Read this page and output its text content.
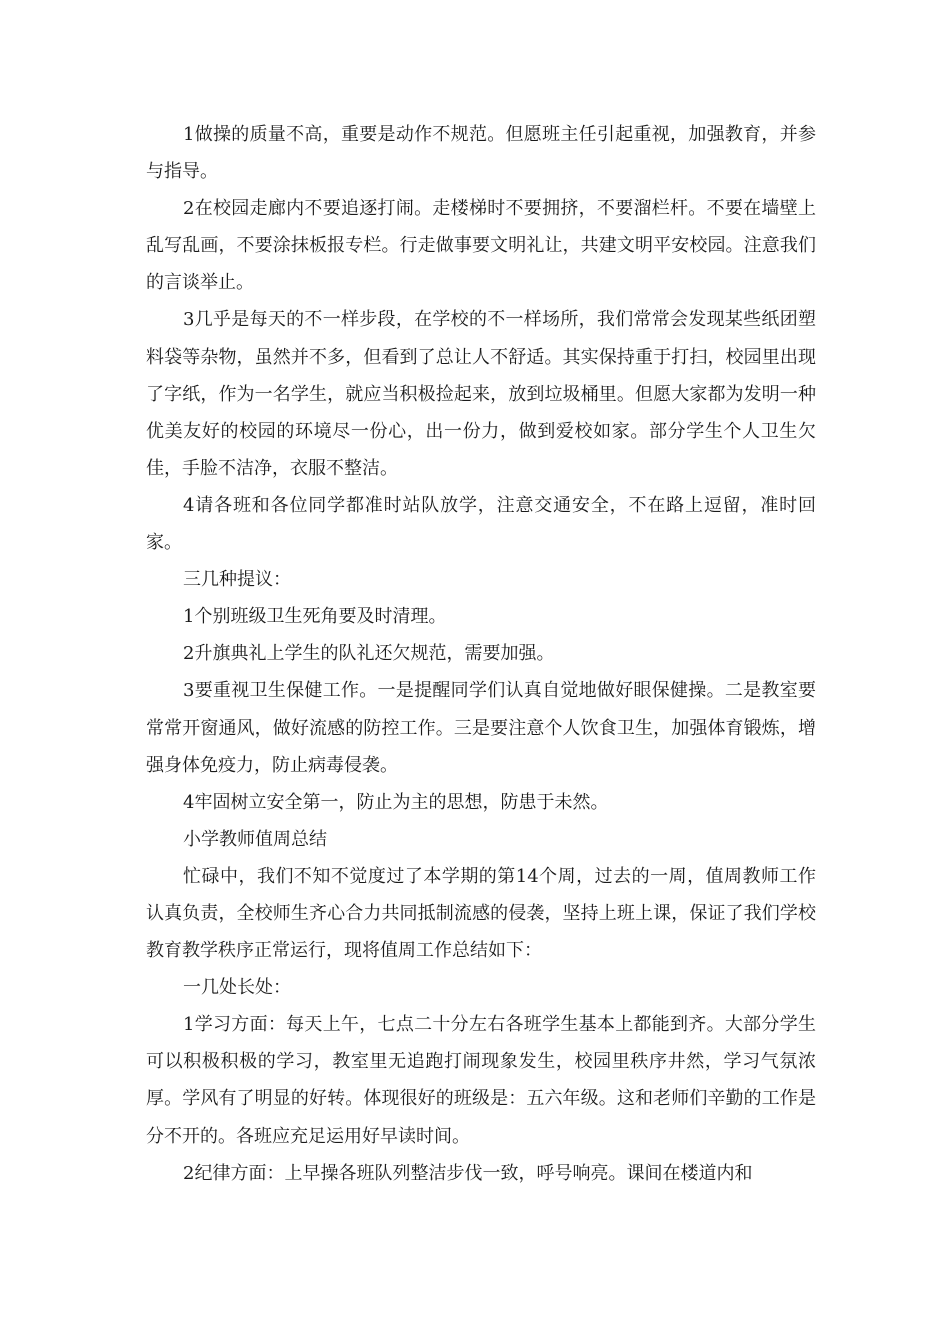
1做操的质量不高，重要是动作不规范。但愿班主任引起重视，加强教育，并参与指导。

2在校园走廊内不要追逐打闹。走楼梯时不要拥挤，不要溜栏杆。不要在墙壁上乱写乱画，不要涂抹板报专栏。行走做事要文明礼让，共建文明平安校园。注意我们的言谈举止。

3几乎是每天的不一样步段，在学校的不一样场所，我们常常会发现某些纸团塑料袋等杂物，虽然并不多，但看到了总让人不舒适。其实保持重于打扫，校园里出现了字纸，作为一名学生，就应当积极捡起来，放到垃圾桶里。但愿大家都为发明一种优美友好的校园的环境尽一份心，出一份力，做到爱校如家。部分学生个人卫生欠佳，手脸不洁净，衣服不整洁。

4请各班和各位同学都准时站队放学，注意交通安全，不在路上逗留，准时回家。

三几种提议：

1个别班级卫生死角要及时清理。

2升旗典礼上学生的队礼还欠规范，需要加强。

3要重视卫生保健工作。一是提醒同学们认真自觉地做好眼保健操。二是教室要常常开窗通风，做好流感的防控工作。三是要注意个人饮食卫生，加强体育锻炼，增强身体免疫力，防止病毒侵袭。

4牢固树立安全第一，防止为主的思想，防患于未然。

小学教师值周总结

忙碌中，我们不知不觉度过了本学期的第14个周，过去的一周，值周教师工作认真负责，全校师生齐心合力共同抵制流感的侵袭，坚持上班上课，保证了我们学校教育教学秩序正常运行，现将值周工作总结如下：

一几处长处：

1学习方面：每天上午，七点二十分左右各班学生基本上都能到齐。大部分学生可以积极积极的学习，教室里无追跑打闹现象发生，校园里秩序井然，学习气氛浓厚。学风有了明显的好转。体现很好的班级是：五六年级。这和老师们辛勤的工作是分不开的。各班应充足运用好早读时间。

2纪律方面：上早操各班队列整洁步伐一致，呼号响亮。课间在楼道内和
